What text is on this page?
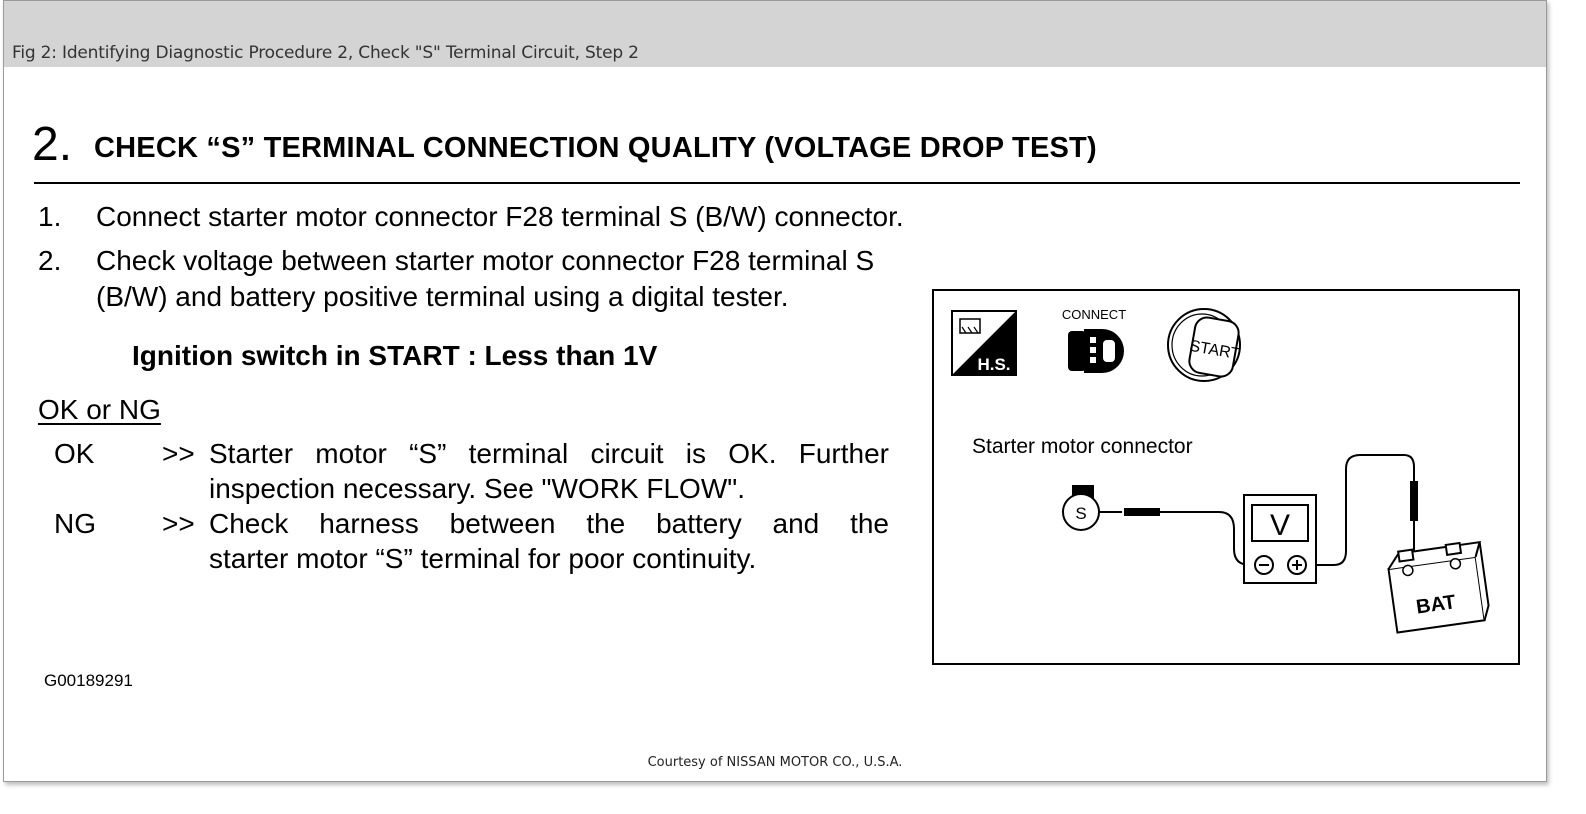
Fig 2: Identifying Diagnostic Procedure 2, Check "S" Terminal Circuit, Step 2
2. CHECK “S” TERMINAL CONNECTION QUALITY (VOLTAGE DROP TEST)
1. Connect starter motor connector F28 terminal S (B/W) connector.
2. Check voltage between starter motor connector F28 terminal S
(B/W) and battery positive terminal using a digital tester.
Ignition switch in START : Less than 1V
OK or NG
OK >> Starter motor “S” terminal circuit is OK. Further
inspection necessary. See "WORK FLOW".
NG >> Check harness between the battery and the
starter motor “S” terminal for poor continuity.
H.S.
CONNECT
START
S	V
BAT
Starter motor connector
G00189291
Courtesy of NISSAN MOTOR CO., U.S.A.
